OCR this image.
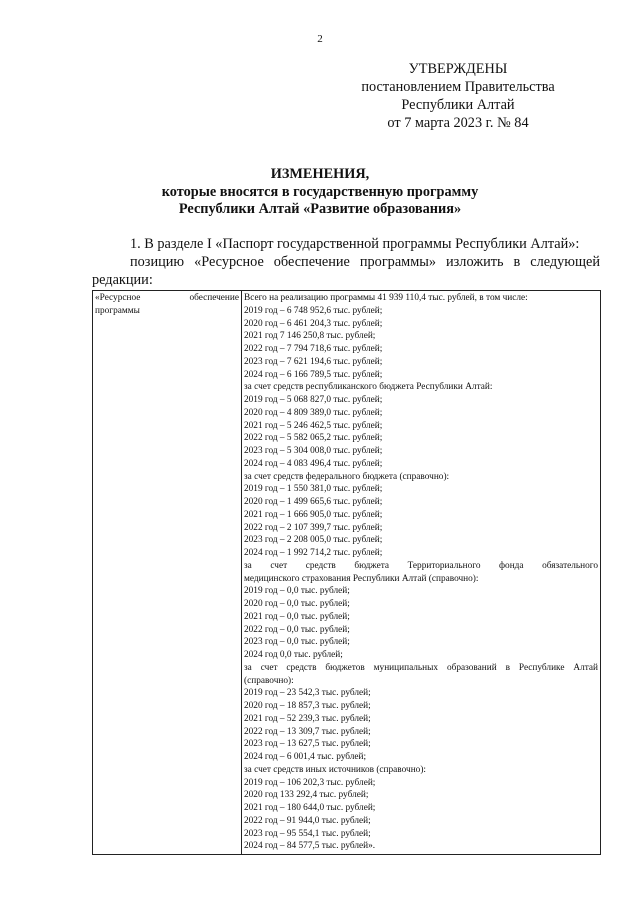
2
УТВЕРЖДЕНЫ
постановлением Правительства
Республики Алтай
от 7 марта 2023 г. № 84
ИЗМЕНЕНИЯ,
которые вносятся в государственную программу
Республики Алтай «Развитие образования»
1. В разделе I «Паспорт государственной программы Республики Алтай»:
позицию «Ресурсное обеспечение программы» изложить в следующей
редакции:
«Ресурсное	обеспечение
программы

Всего на реализацию программы 41 939 110,4 тыс. рублей, в том числе:
2019 год – 6 748 952,6 тыс. рублей;
2020 год – 6 461 204,3 тыс. рублей;
2021 год 7 146 250,8 тыс. рублей;
2022 год – 7 794 718,6 тыс. рублей;
2023 год – 7 621 194,6 тыс. рублей;
2024 год – 6 166 789,5 тыс. рублей;
за счет средств республиканского бюджета Республики Алтай:
2019 год – 5 068 827,0 тыс. рублей;
2020 год – 4 809 389,0 тыс. рублей;
2021 год – 5 246 462,5 тыс. рублей;
2022 год – 5 582 065,2 тыс. рублей;
2023 год – 5 304 008,0 тыс. рублей;
2024 год – 4 083 496,4 тыс. рублей;
за счет средств федерального бюджета (справочно):
2019 год – 1 550 381,0 тыс. рублей;
2020 год – 1 499 665,6 тыс. рублей;
2021 год – 1 666 905,0 тыс. рублей;
2022 год – 2 107 399,7 тыс. рублей;
2023 год – 2 208 005,0 тыс. рублей;
2024 год – 1 992 714,2 тыс. рублей;
за счет средств бюджета Территориального фонда обязательного
медицинского страхования Республики Алтай (справочно):
2019 год – 0,0 тыс. рублей;
2020 год – 0,0 тыс. рублей;
2021 год – 0,0 тыс. рублей;
2022 год – 0,0 тыс. рублей;
2023 год – 0,0 тыс. рублей;
2024 год 0,0 тыс. рублей;
за счет средств бюджетов муниципальных образований в Республике Алтай
(справочно):
2019 год – 23 542,3 тыс. рублей;
2020 год – 18 857,3 тыс. рублей;
2021 год – 52 239,3 тыс. рублей;
2022 год – 13 309,7 тыс. рублей;
2023 год – 13 627,5 тыс. рублей;
2024 год – 6 001,4 тыс. рублей;
за счет средств иных источников (справочно):
2019 год – 106 202,3 тыс. рублей;
2020 год 133 292,4 тыс. рублей;
2021 год – 180 644,0 тыс. рублей;
2022 год – 91 944,0 тыс. рублей;
2023 год – 95 554,1 тыс. рублей;
2024 год – 84 577,5 тыс. рублей».
